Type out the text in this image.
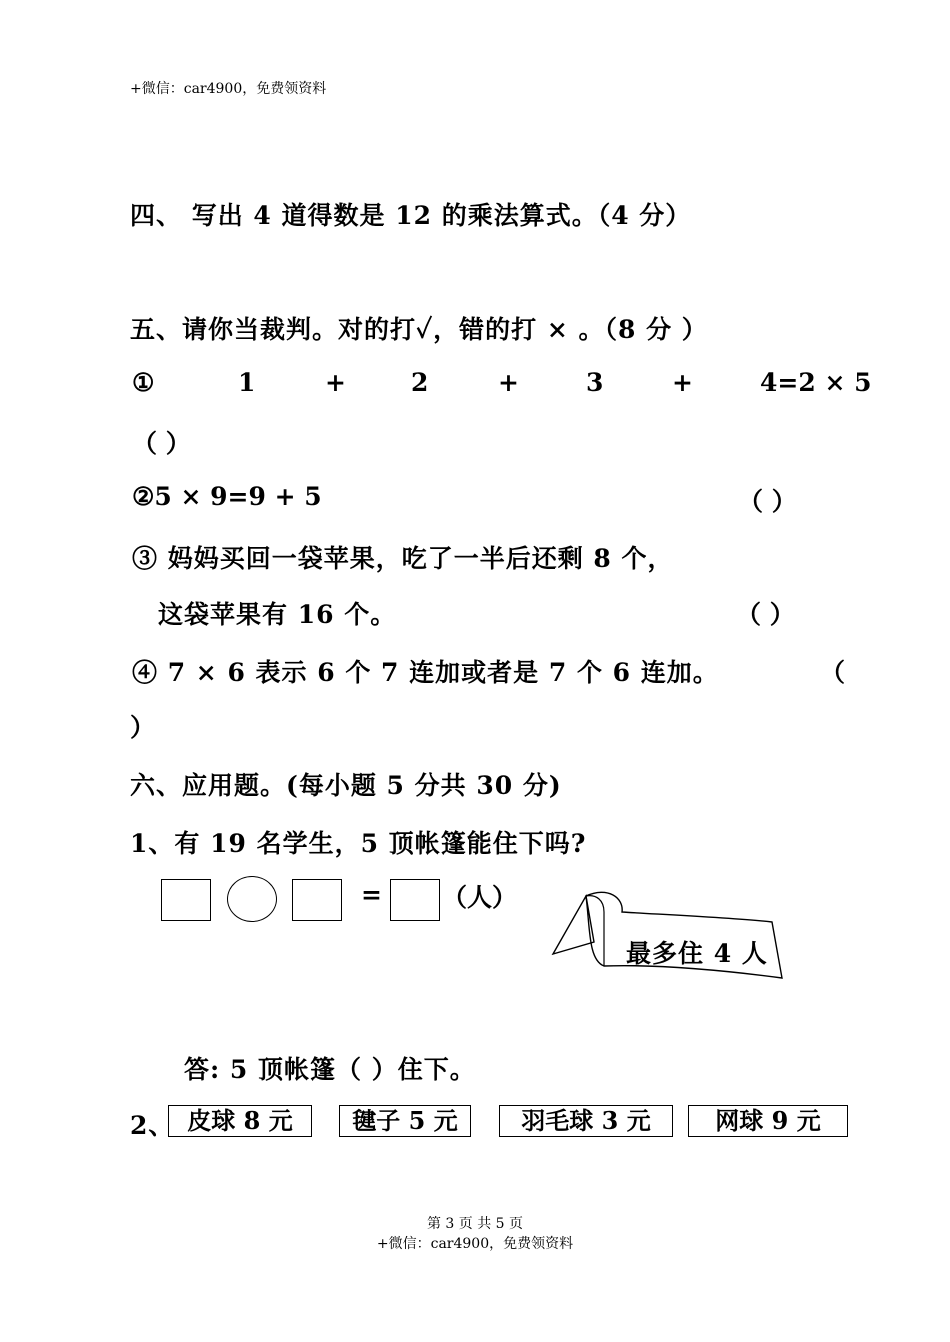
+微信：car4900，免费领资料
四、 写出 4 道得数是 12 的乘法算式。（4 分）
五、请你当裁判。对的打✓，错的打 × 。（8 分 ）
①	1	+	2	+	3	+	4=2 × 5
（ ）
②5 × 9=9 + 5	（ ）
③ 妈妈买回一袋苹果，吃了一半后还剩 8 个，
这袋苹果有 16 个。	（ ）
④ 7 × 6 表示 6 个 7 连加或者是 7 个 6 连加。	（
）
六、应用题。(每小题 5 分共 30 分)
1、有 19 名学生，5 顶帐篷能住下吗?
= （人）
最多住 4 人
答: 5 顶帐篷（ ）住下。
2、 皮球 8 元	毽子 5 元	羽毛球 3 元	网球 9 元
第 3 页 共 5 页
+微信：car4900，免费领资料
